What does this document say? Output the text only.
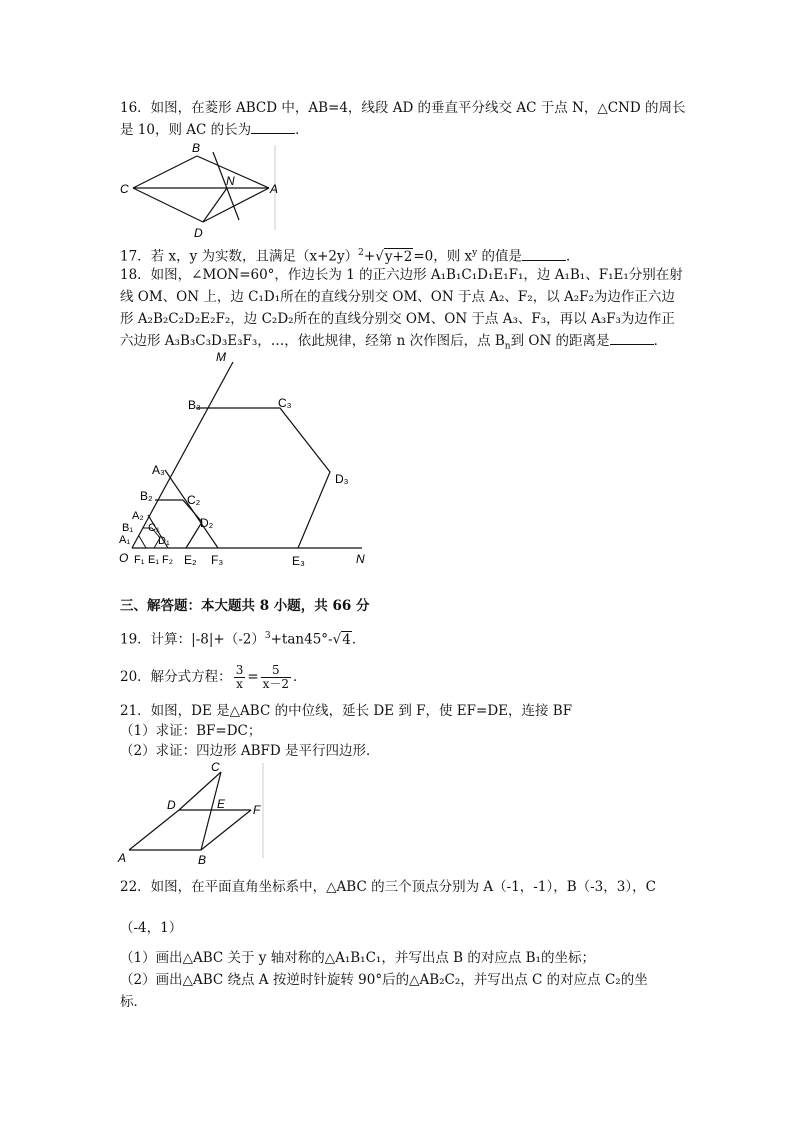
16．如图，在菱形 ABCD 中，AB=4，线段 AD 的垂直平分线交 AC 于点 N，△CND 的周长
是 10，则 AC 的长为	．
B
C
N
A
D
17．若 x，y 为实数，且满足$(x+2y)^2+√y+2=0$，则 $x^y$ 的值是	．
18．如图，∠MON=60°，作边长为 1 的正六边形 A₁B₁C₁D₁E₁F₁，边 A₁B₁、F₁E₁分别在射
线 OM、ON 上，边 C₁D₁所在的直线分别交 OM、ON 于点 A₂、F₂，以 A₂F₂为边作正六边
形 A₂B₂C₂D₂E₂F₂，边 C₂D₂所在的直线分别交 OM、ON 于点 A₃、F₃，再以 A₃F₃为边作正
六边形 A₃B₃C₃D₃E₃F₃，…，依此规律，经第 n 次作图后，点 $B_n$到 ON 的距离是	．
M
B₃	C₃
D₃
A₃
B₂	C₂
A₂	D₂
B₁ C₁
A₁	D₁
O F₁ E₁ F₂ E₂ F₃	E₃	N
三、解答题：本大题共 8 小题，共 66 分
19．计算：$|-8|+(-2)^3+\tan 45^\circ-√4$．
20．解分式方程： $\frac{3}{x} = \frac{5}{x-2}$ ．
21．如图，DE 是△ABC 的中位线，延长 DE 到 F，使 EF=DE，连接 BF
（1）求证：BF=DC；
（2）求证：四边形 ABFD 是平行四边形．
C
D	E F
A	B
22．如图，在平面直角坐标系中，△ABC 的三个顶点分别为 A（-1，-1），B（-3，3），C
（-4，1）
（1）画出△ABC 关于 y 轴对称的△A₁B₁C₁，并写出点 B 的对应点 B₁的坐标；
（2）画出△ABC 绕点 A 按逆时针旋转 90°后的△AB₂C₂，并写出点 C 的对应点 C₂的坐
标．
